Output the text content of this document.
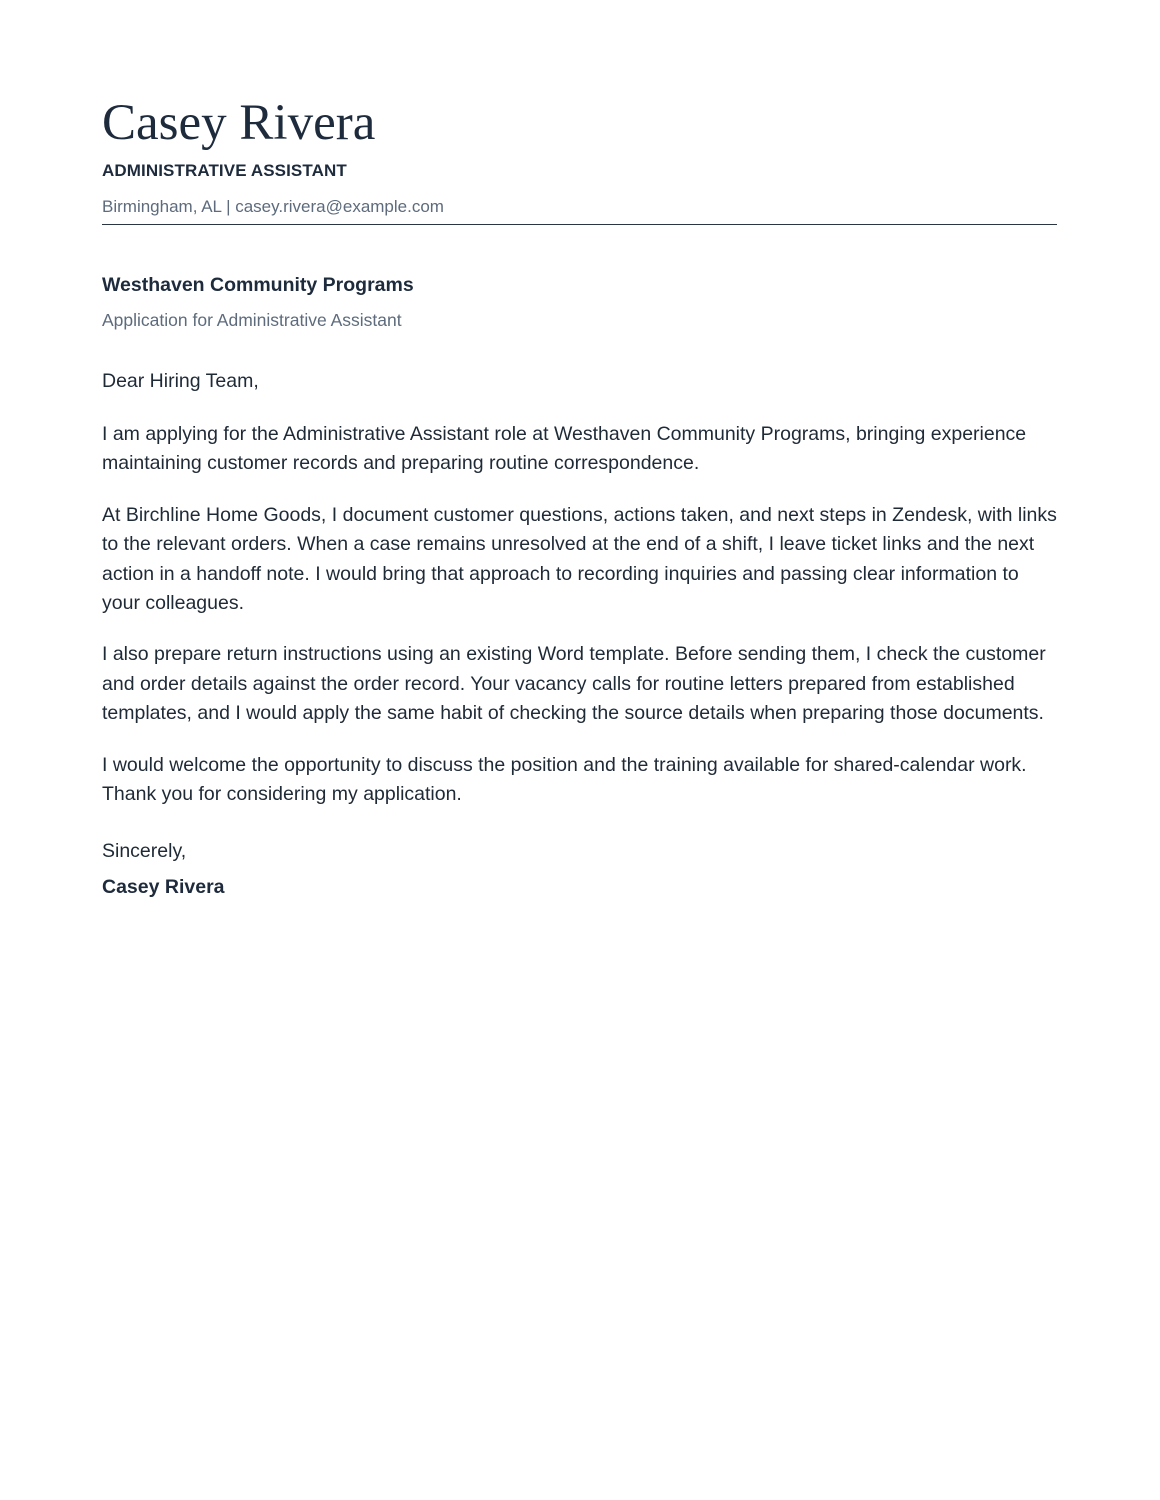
Casey Rivera
ADMINISTRATIVE ASSISTANT
Birmingham, AL | casey.rivera@example.com
Westhaven Community Programs
Application for Administrative Assistant
Dear Hiring Team,

I am applying for the Administrative Assistant role at Westhaven Community Programs, bringing experience maintaining customer records and preparing routine correspondence.

At Birchline Home Goods, I document customer questions, actions taken, and next steps in Zendesk, with links to the relevant orders. When a case remains unresolved at the end of a shift, I leave ticket links and the next action in a handoff note. I would bring that approach to recording inquiries and passing clear information to your colleagues.

I also prepare return instructions using an existing Word template. Before sending them, I check the customer and order details against the order record. Your vacancy calls for routine letters prepared from established templates, and I would apply the same habit of checking the source details when preparing those documents.

I would welcome the opportunity to discuss the position and the training available for shared-calendar work. Thank you for considering my application.

Sincerely,
Casey Rivera
